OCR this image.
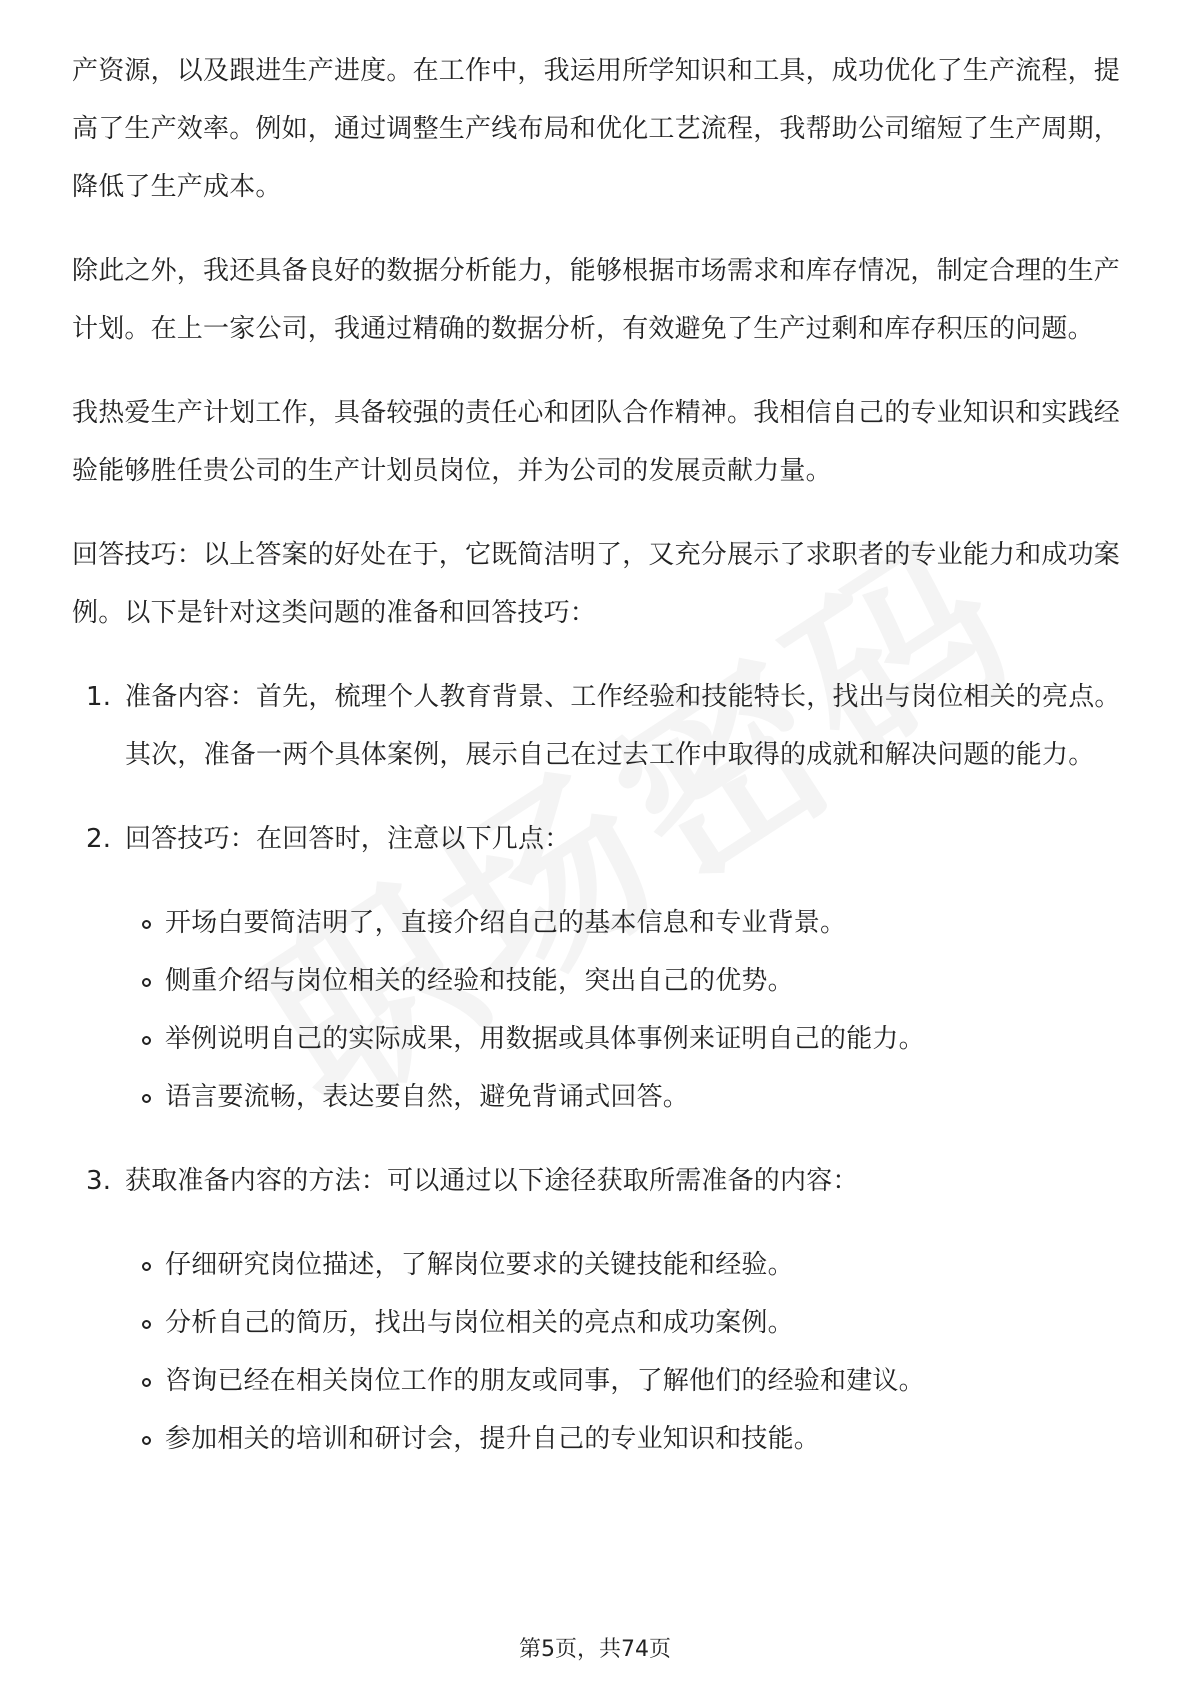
产资源，以及跟进生产进度。在工作中，我运用所学知识和工具，成功优化了生产流程，提高了生产效率。例如，通过调整生产线布局和优化工艺流程，我帮助公司缩短了生产周期，降低了生产成本。

除此之外，我还具备良好的数据分析能力，能够根据市场需求和库存情况，制定合理的生产计划。在上一家公司，我通过精确的数据分析，有效避免了生产过剩和库存积压的问题。

我热爱生产计划工作，具备较强的责任心和团队合作精神。我相信自己的专业知识和实践经验能够胜任贵公司的生产计划员岗位，并为公司的发展贡献力量。

回答技巧：以上答案的好处在于，它既简洁明了，又充分展示了求职者的专业能力和成功案例。以下是针对这类问题的准备和回答技巧：

1. 准备内容：首先，梳理个人教育背景、工作经验和技能特长，找出与岗位相关的亮点。其次，准备一两个具体案例，展示自己在过去工作中取得的成就和解决问题的能力。
2. 回答技巧：在回答时，注意以下几点：
开场白要简洁明了，直接介绍自己的基本信息和专业背景。
侧重介绍与岗位相关的经验和技能，突出自己的优势。
举例说明自己的实际成果，用数据或具体事例来证明自己的能力。
语言要流畅，表达要自然，避免背诵式回答。
3. 获取准备内容的方法：可以通过以下途径获取所需准备的内容：
仔细研究岗位描述，了解岗位要求的关键技能和经验。
分析自己的简历，找出与岗位相关的亮点和成功案例。
咨询已经在相关岗位工作的朋友或同事，了解他们的经验和建议。
参加相关的培训和研讨会，提升自己的专业知识和技能。
第5页，共74页
